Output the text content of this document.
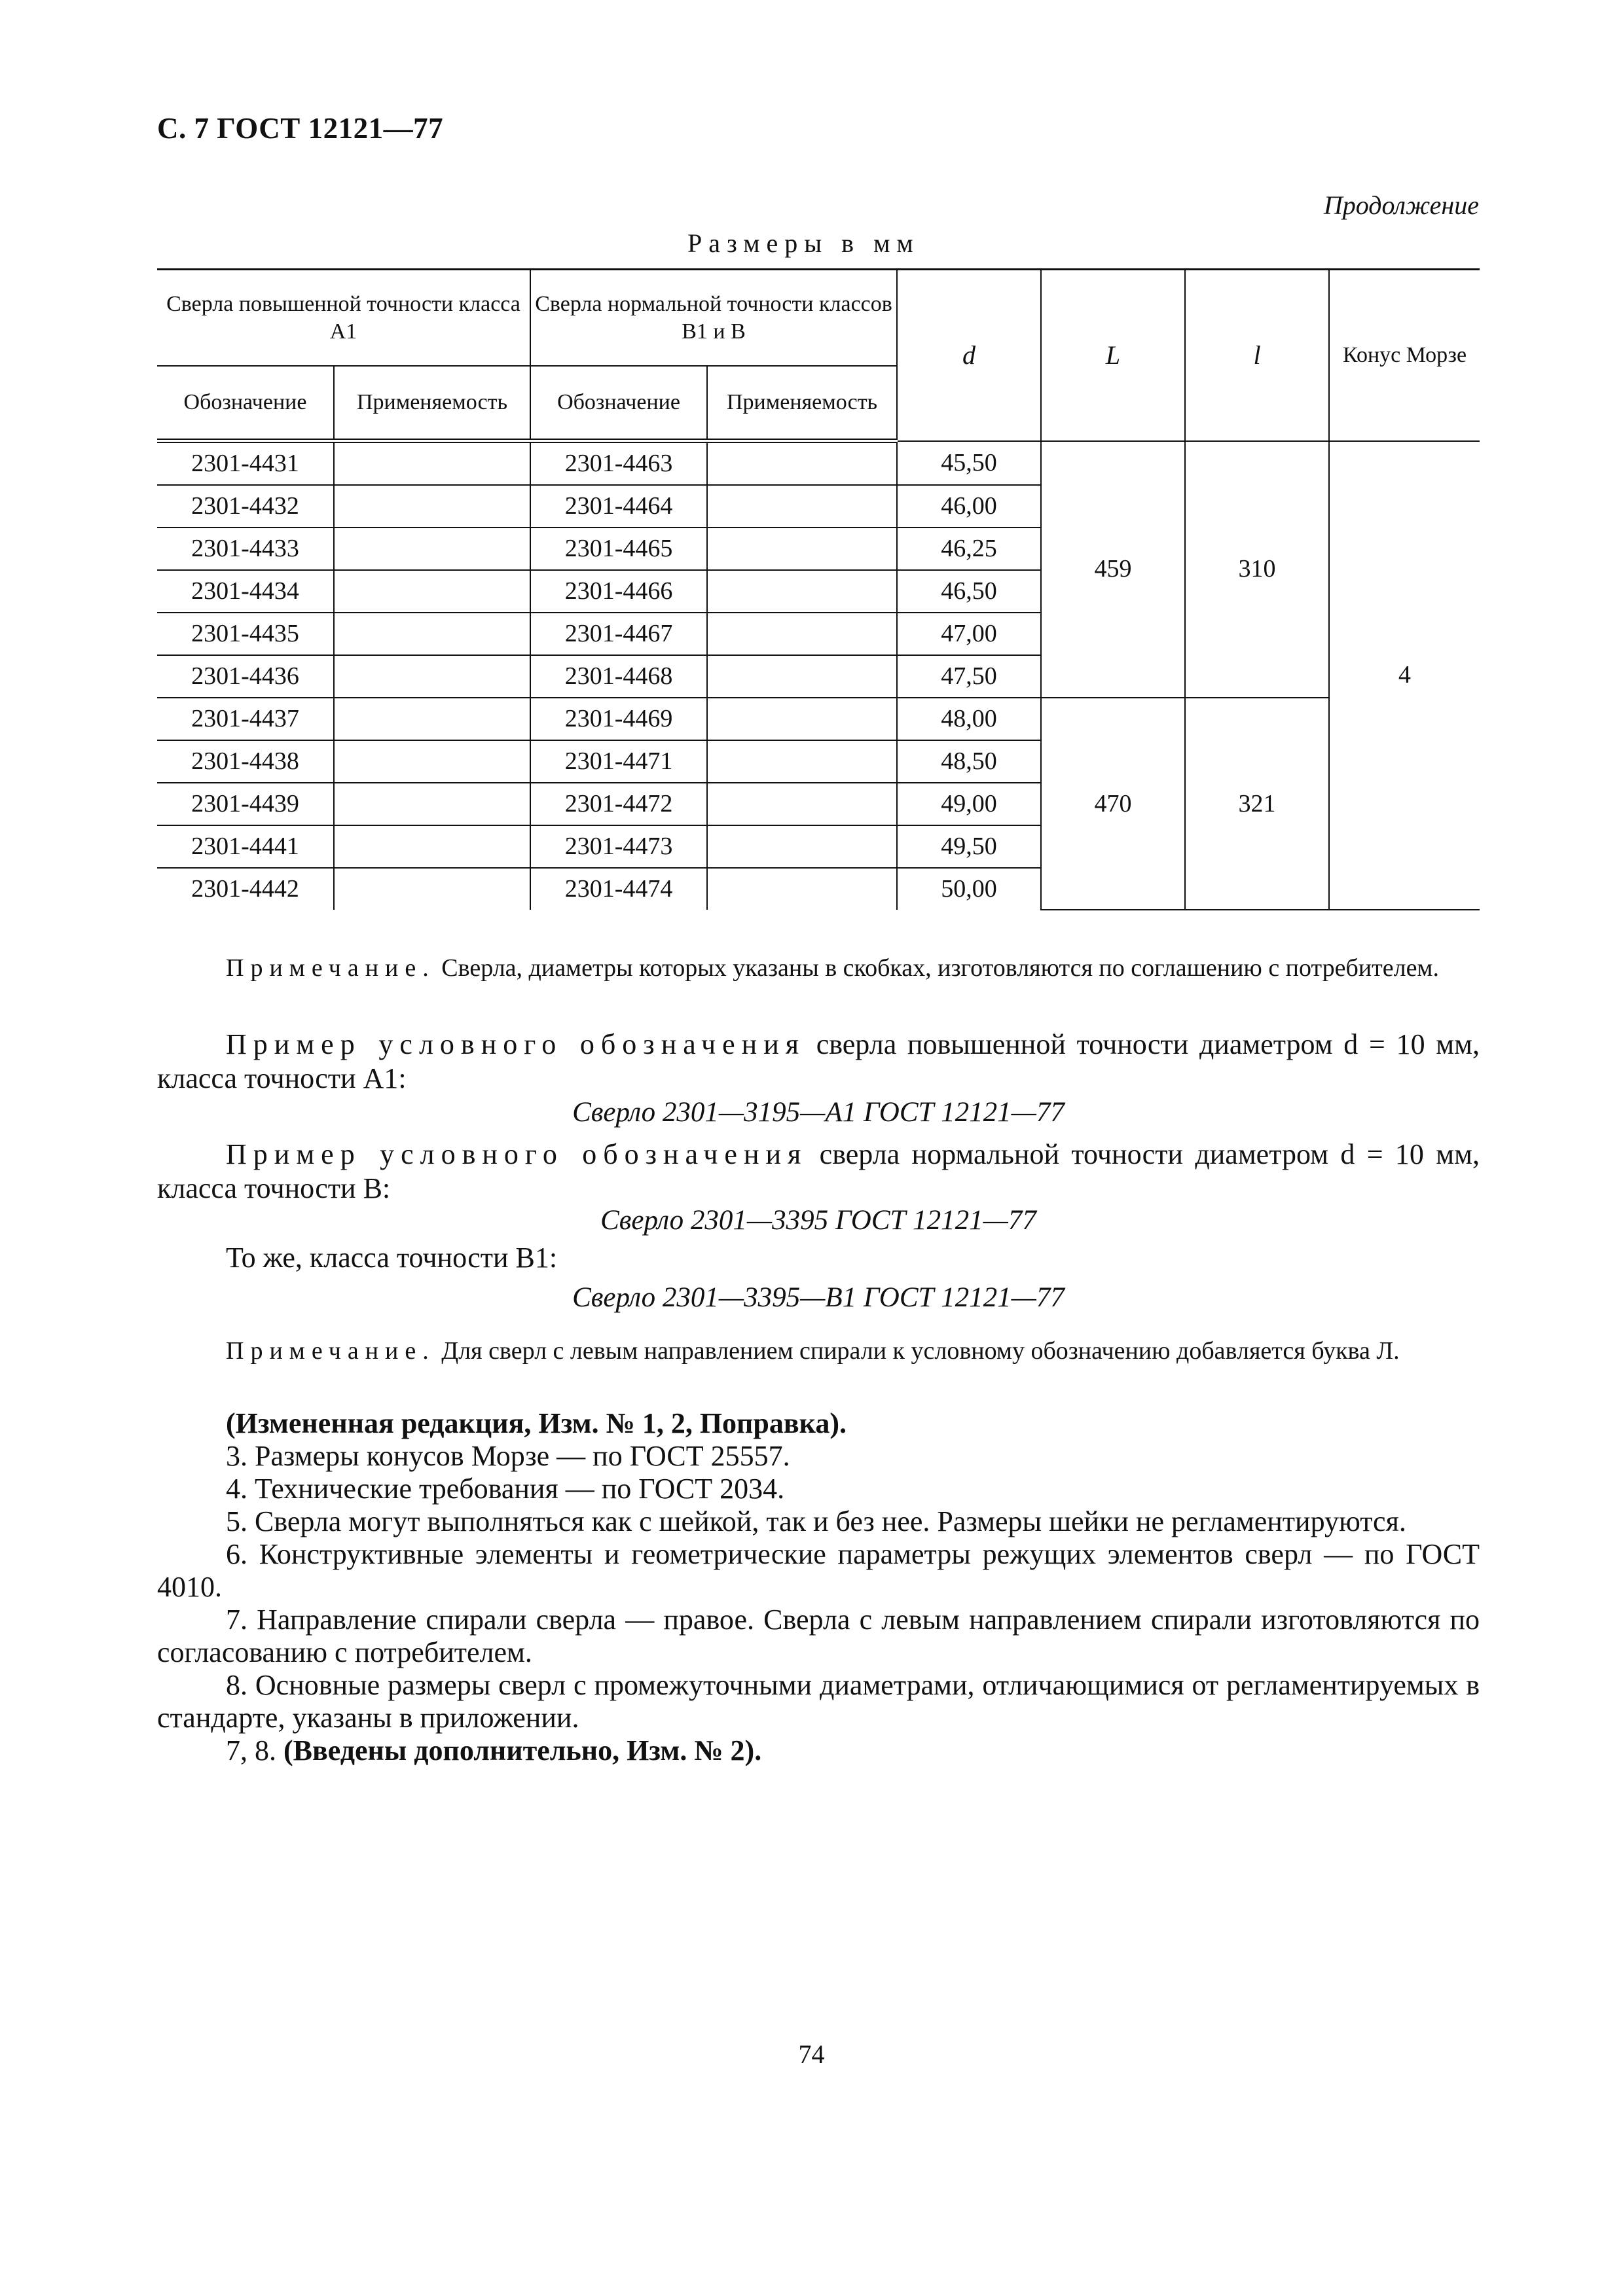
С. 7 ГОСТ 12121—77
Продолжение
Размеры в мм
Сверла повышенной точности класса А1		Сверла нормальной точности классов В1 и В		d	L	l	Конус Морзе
Обозначение	Применяемость	Обозначение	Применяемость				
2301-4431		2301-4463		45,50	459	310	4
2301-4432		2301-4464		46,00			
2301-4433		2301-4465		46,25			
2301-4434		2301-4466		46,50			
2301-4435		2301-4467		47,00			
2301-4436		2301-4468		47,50			
2301-4437		2301-4469		48,00	470	321	
2301-4438		2301-4471		48,50			
2301-4439		2301-4472		49,00			
2301-4441		2301-4473		49,50			
2301-4442		2301-4474		50,00			
Примечание. Сверла, диаметры которых указаны в скобках, изготовляются по соглашению с потребителем.
Пример условного обозначения сверла повышенной точности диаметром d = 10 мм, класса точности А1:
Сверло 2301—3195—А1 ГОСТ 12121—77
Пример условного обозначения сверла нормальной точности диаметром d = 10 мм, класса точности В:
Сверло 2301—3395 ГОСТ 12121—77
То же, класса точности В1:
Сверло 2301—3395—В1 ГОСТ 12121—77
Примечание. Для сверл с левым направлением спирали к условному обозначению добавляется буква Л.
(Измененная редакция, Изм. № 1, 2, Поправка).
3. Размеры конусов Морзе — по ГОСТ 25557.
4. Технические требования — по ГОСТ 2034.
5. Сверла могут выполняться как с шейкой, так и без нее. Размеры шейки не регламентируются.
6. Конструктивные элементы и геометрические параметры режущих элементов сверл — по ГОСТ 4010.
7. Направление спирали сверла — правое. Сверла с левым направлением спирали изготовляются по согласованию с потребителем.
8. Основные размеры сверл с промежуточными диаметрами, отличающимися от регламентируемых в стандарте, указаны в приложении.
7, 8. (Введены дополнительно, Изм. № 2).
74
